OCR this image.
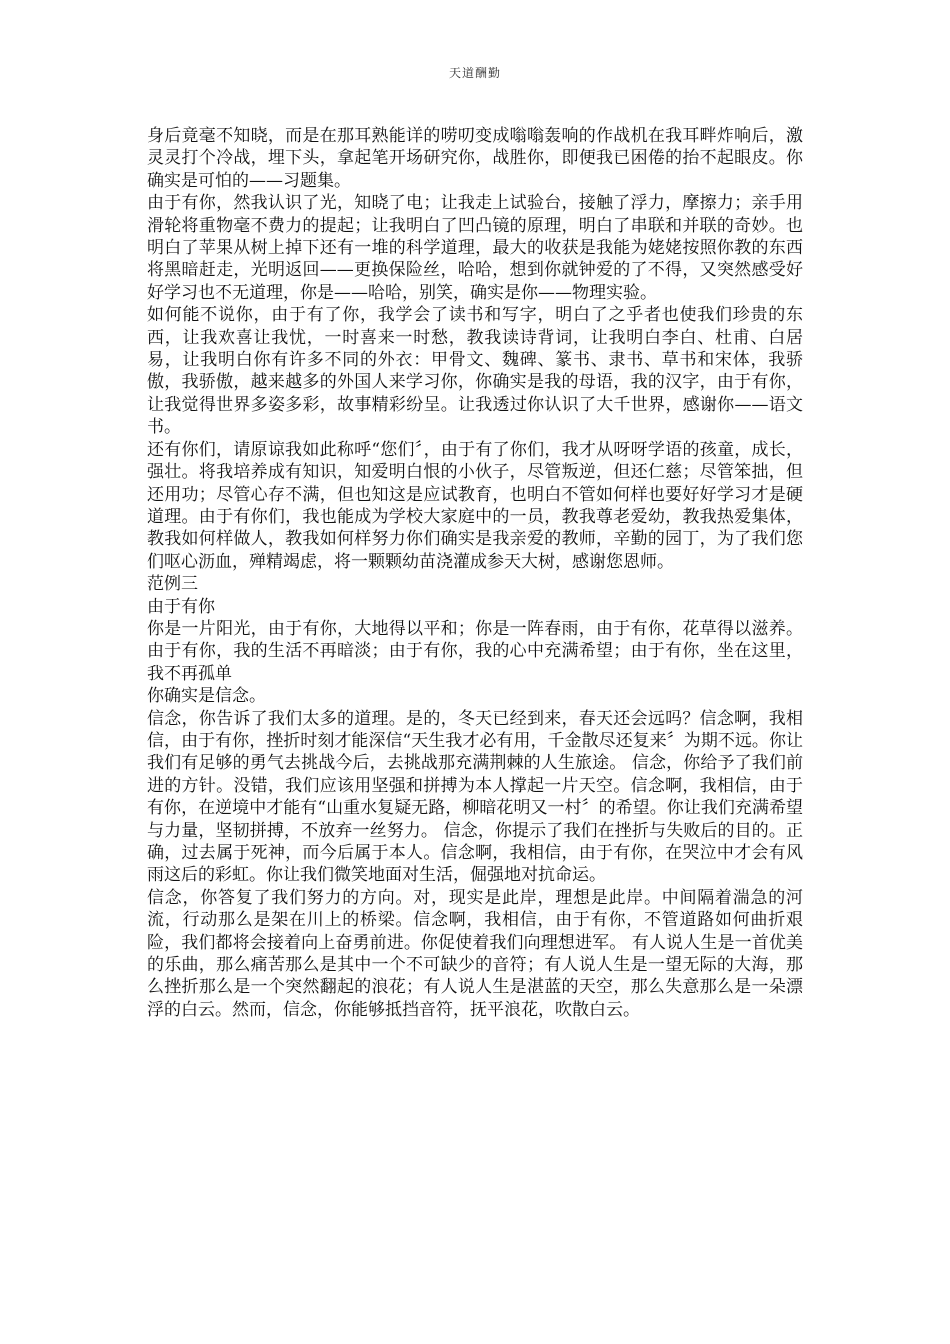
天道酬勤

身后竟毫不知晓，而是在那耳熟能详的唠叨变成嗡嗡轰响的作战机在我耳畔炸响后，激灵灵打个冷战，埋下头，拿起笔开场研究你，战胜你，即便我已困倦的抬不起眼皮。你确实是可怕的——习题集。

由于有你，然我认识了光，知晓了电；让我走上试验台，接触了浮力，摩擦力；亲手用滑轮将重物毫不费力的提起；让我明白了凹凸镜的原理，明白了串联和并联的奇妙。也明白了苹果从树上掉下还有一堆的科学道理，最大的收获是我能为姥姥按照你教的东西将黑暗赶走，光明返回——更换保险丝，哈哈，想到你就钟爱的了不得，又突然感受好好学习也不无道理，你是——哈哈，别笑，确实是你——物理实验。

如何能不说你，由于有了你，我学会了读书和写字，明白了之乎者也使我们珍贵的东西，让我欢喜让我忧，一时喜来一时愁，教我读诗背词，让我明白李白、杜甫、白居易，让我明白你有许多不同的外衣：甲骨文、魏碑、篆书、隶书、草书和宋体，我骄傲，我骄傲，越来越多的外国人来学习你，你确实是我的母语，我的汉字，由于有你，让我觉得世界多姿多彩，故事精彩纷呈。让我透过你认识了大千世界，感谢你——语文书。

还有你们，请原谅我如此称呼“您们〞，由于有了你们，我才从呀呀学语的孩童，成长，强壮。将我培养成有知识，知爱明白恨的小伙子，尽管叛逆，但还仁慈；尽管笨拙，但还用功；尽管心存不满，但也知这是应试教育，也明白不管如何样也要好好学习才是硬道理。由于有你们，我也能成为学校大家庭中的一员，教我尊老爱幼，教我热爱集体，教我如何样做人，教我如何样努力你们确实是我亲爱的教师，辛勤的园丁，为了我们您们呕心沥血，殚精竭虑，将一颗颗幼苗浇灌成参天大树，感谢您恩师。

范例三

由于有你

你是一片阳光，由于有你，大地得以平和；你是一阵春雨，由于有你，花草得以滋养。由于有你，我的生活不再暗淡；由于有你，我的心中充满希望；由于有你，坐在这里，我不再孤单

你确实是信念。

信念，你告诉了我们太多的道理。是的，冬天已经到来，春天还会远吗？信念啊，我相信，由于有你，挫折时刻才能深信“天生我才必有用，千金散尽还复来〞为期不远。你让我们有足够的勇气去挑战今后，去挑战那充满荆棘的人生旅途。 信念，你给予了我们前进的方针。没错，我们应该用坚强和拼搏为本人撑起一片天空。信念啊，我相信，由于有你，在逆境中才能有“山重水复疑无路，柳暗花明又一村〞的希望。你让我们充满希望与力量，坚韧拼搏，不放弃一丝努力。 信念，你提示了我们在挫折与失败后的目的。正确，过去属于死神，而今后属于本人。信念啊，我相信，由于有你，在哭泣中才会有风雨这后的彩虹。你让我们微笑地面对生活，倔强地对抗命运。

信念，你答复了我们努力的方向。对，现实是此岸，理想是此岸。中间隔着湍急的河流，行动那么是架在川上的桥梁。信念啊，我相信，由于有你，不管道路如何曲折艰险，我们都将会接着向上奋勇前进。你促使着我们向理想进军。 有人说人生是一首优美的乐曲，那么痛苦那么是其中一个不可缺少的音符；有人说人生是一望无际的大海，那么挫折那么是一个突然翻起的浪花；有人说人生是湛蓝的天空，那么失意那么是一朵漂浮的白云。然而，信念，你能够抵挡音符，抚平浪花，吹散白云。
